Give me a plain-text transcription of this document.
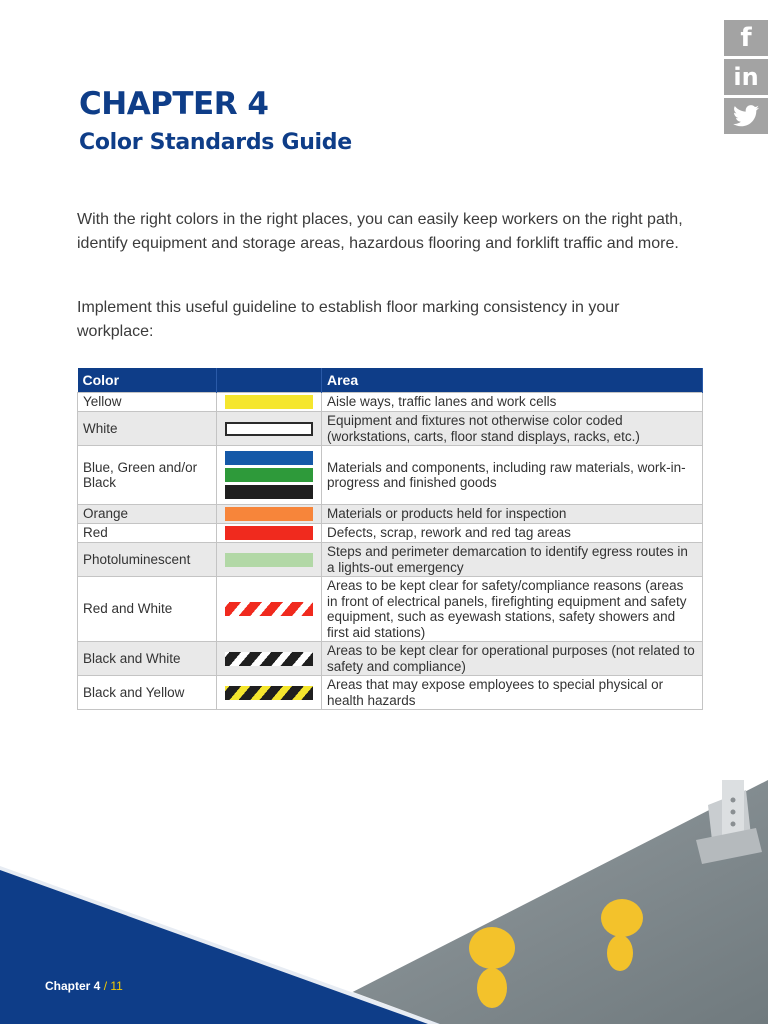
f
in
CHAPTER 4
Color Standards Guide

With the right colors in the right places, you can easily keep workers on the right path, identify equipment and storage areas, hazardous flooring and forklift traffic and more.

Implement this useful guideline to establish floor marking consistency in your workplace:

Color		Area
Yellow		Aisle ways, traffic lanes and work cells
White		Equipment and fixtures not otherwise color coded (workstations, carts, floor stand displays, racks, etc.)
Blue, Green and/or Black		Materials and components, including raw materials, work-in-progress and finished goods
Orange		Materials or products held for inspection
Red		Defects, scrap, rework and red tag areas
Photoluminescent		Steps and perimeter demarcation to identify egress routes in a lights-out emergency
Red and White		Areas to be kept clear for safety/compliance reasons (areas in front of electrical panels, firefighting equipment and safety equipment, such as eyewash stations, safety showers and first aid stations)
Black and White		Areas to be kept clear for operational purposes (not related to safety and compliance)
Black and Yellow		Areas that may expose employees to special physical or health hazards
Chapter 4 / 11
